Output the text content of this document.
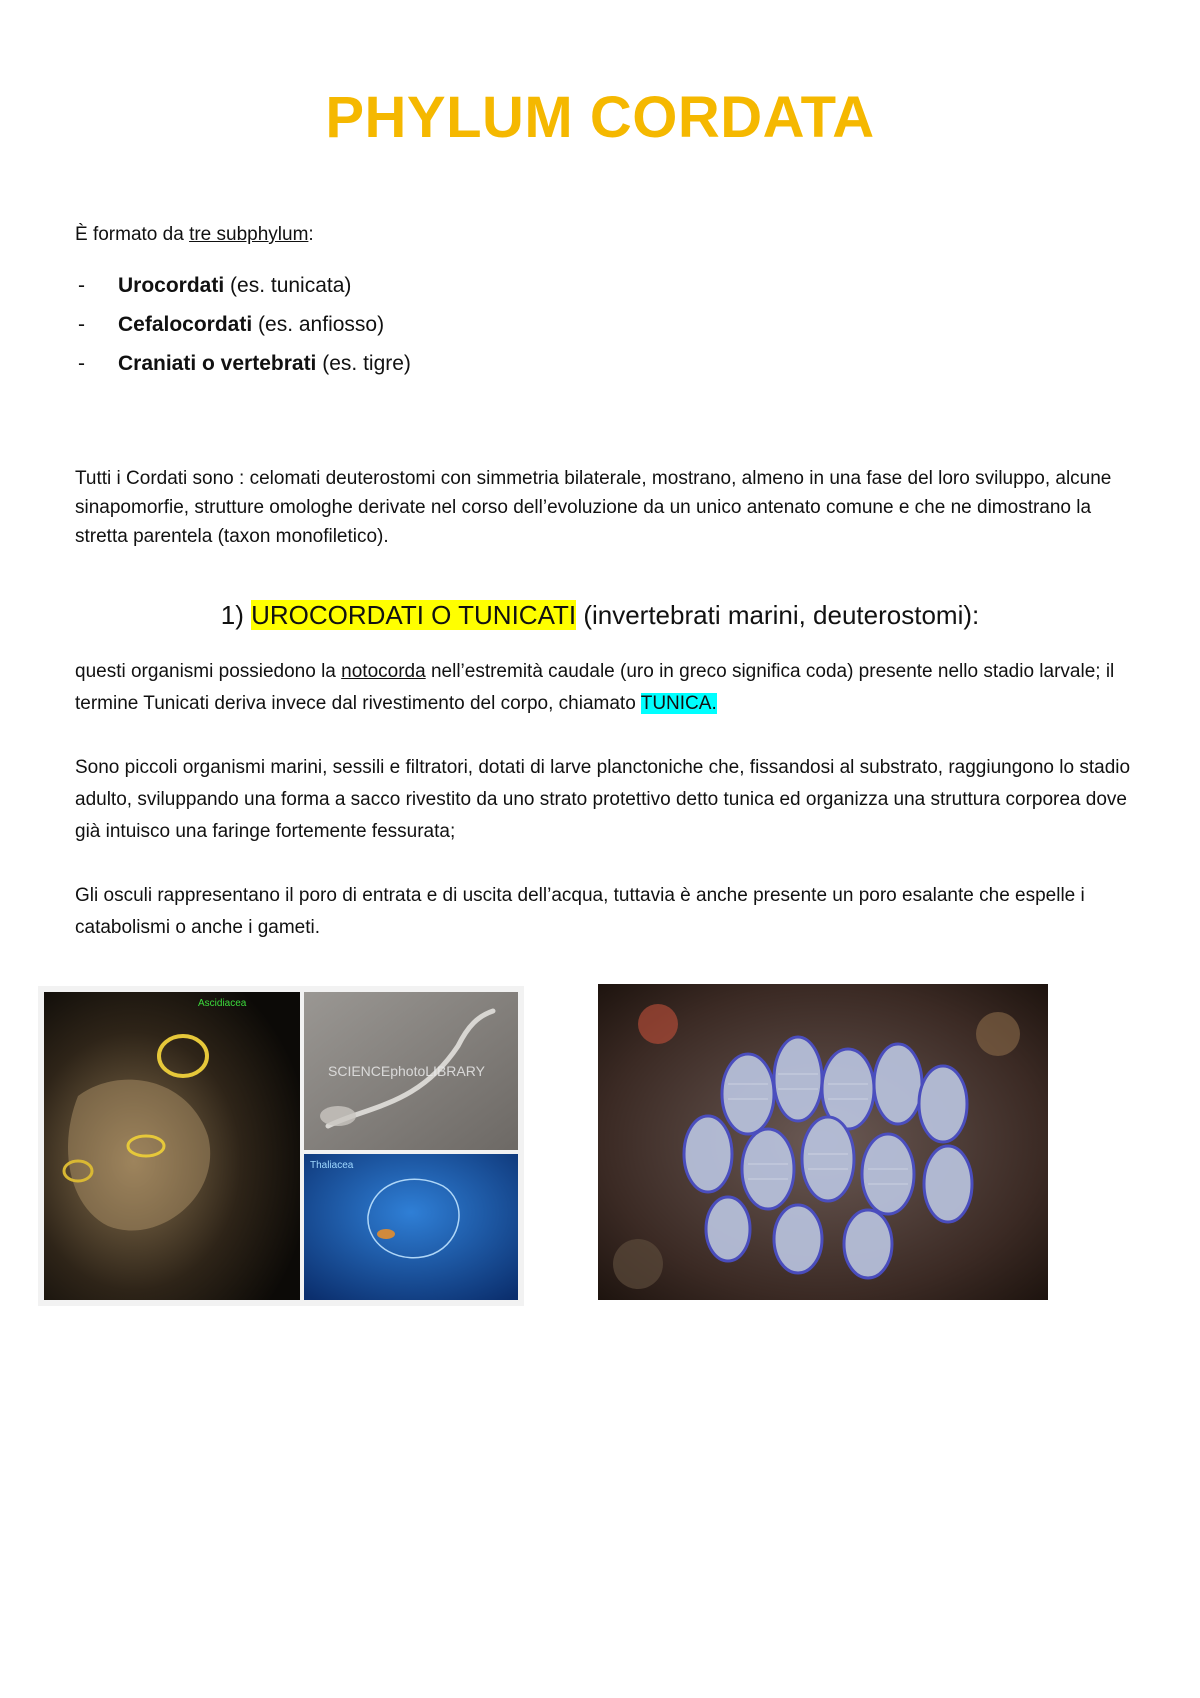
PHYLUM CORDATA
È formato da tre subphylum:
-	Urocordati (es. tunicata)
-	Cefalocordati (es. anfiosso)
-	Craniati o vertebrati (es. tigre)
Tutti i Cordati sono : celomati deuterostomi con simmetria bilaterale, mostrano, almeno in una fase del loro sviluppo, alcune sinapomorfie, strutture omologhe derivate nel corso dell’evoluzione da un unico antenato comune e che ne dimostrano la stretta parentela (taxon monofiletico).
1) UROCORDATI O TUNICATI (invertebrati marini, deuterostomi):
questi organismi possiedono la notocorda nell’estremità caudale (uro in greco significa coda) presente nello stadio larvale; il termine Tunicati deriva invece dal rivestimento del corpo, chiamato TUNICA.
Sono piccoli organismi marini, sessili e filtratori, dotati di larve planctoniche che, fissandosi al substrato, raggiungono lo stadio adulto, sviluppando una forma a sacco rivestito da uno strato protettivo detto tunica ed organizza una struttura corporea dove già intuisco una faringe fortemente fessurata;
Gli osculi rappresentano il poro di entrata e di uscita dell’acqua, tuttavia è anche presente un poro esalante che espelle i catabolismi o anche i gameti.
Ascidiacea
SCIENCEphotoLIBRARY
Thaliacea
